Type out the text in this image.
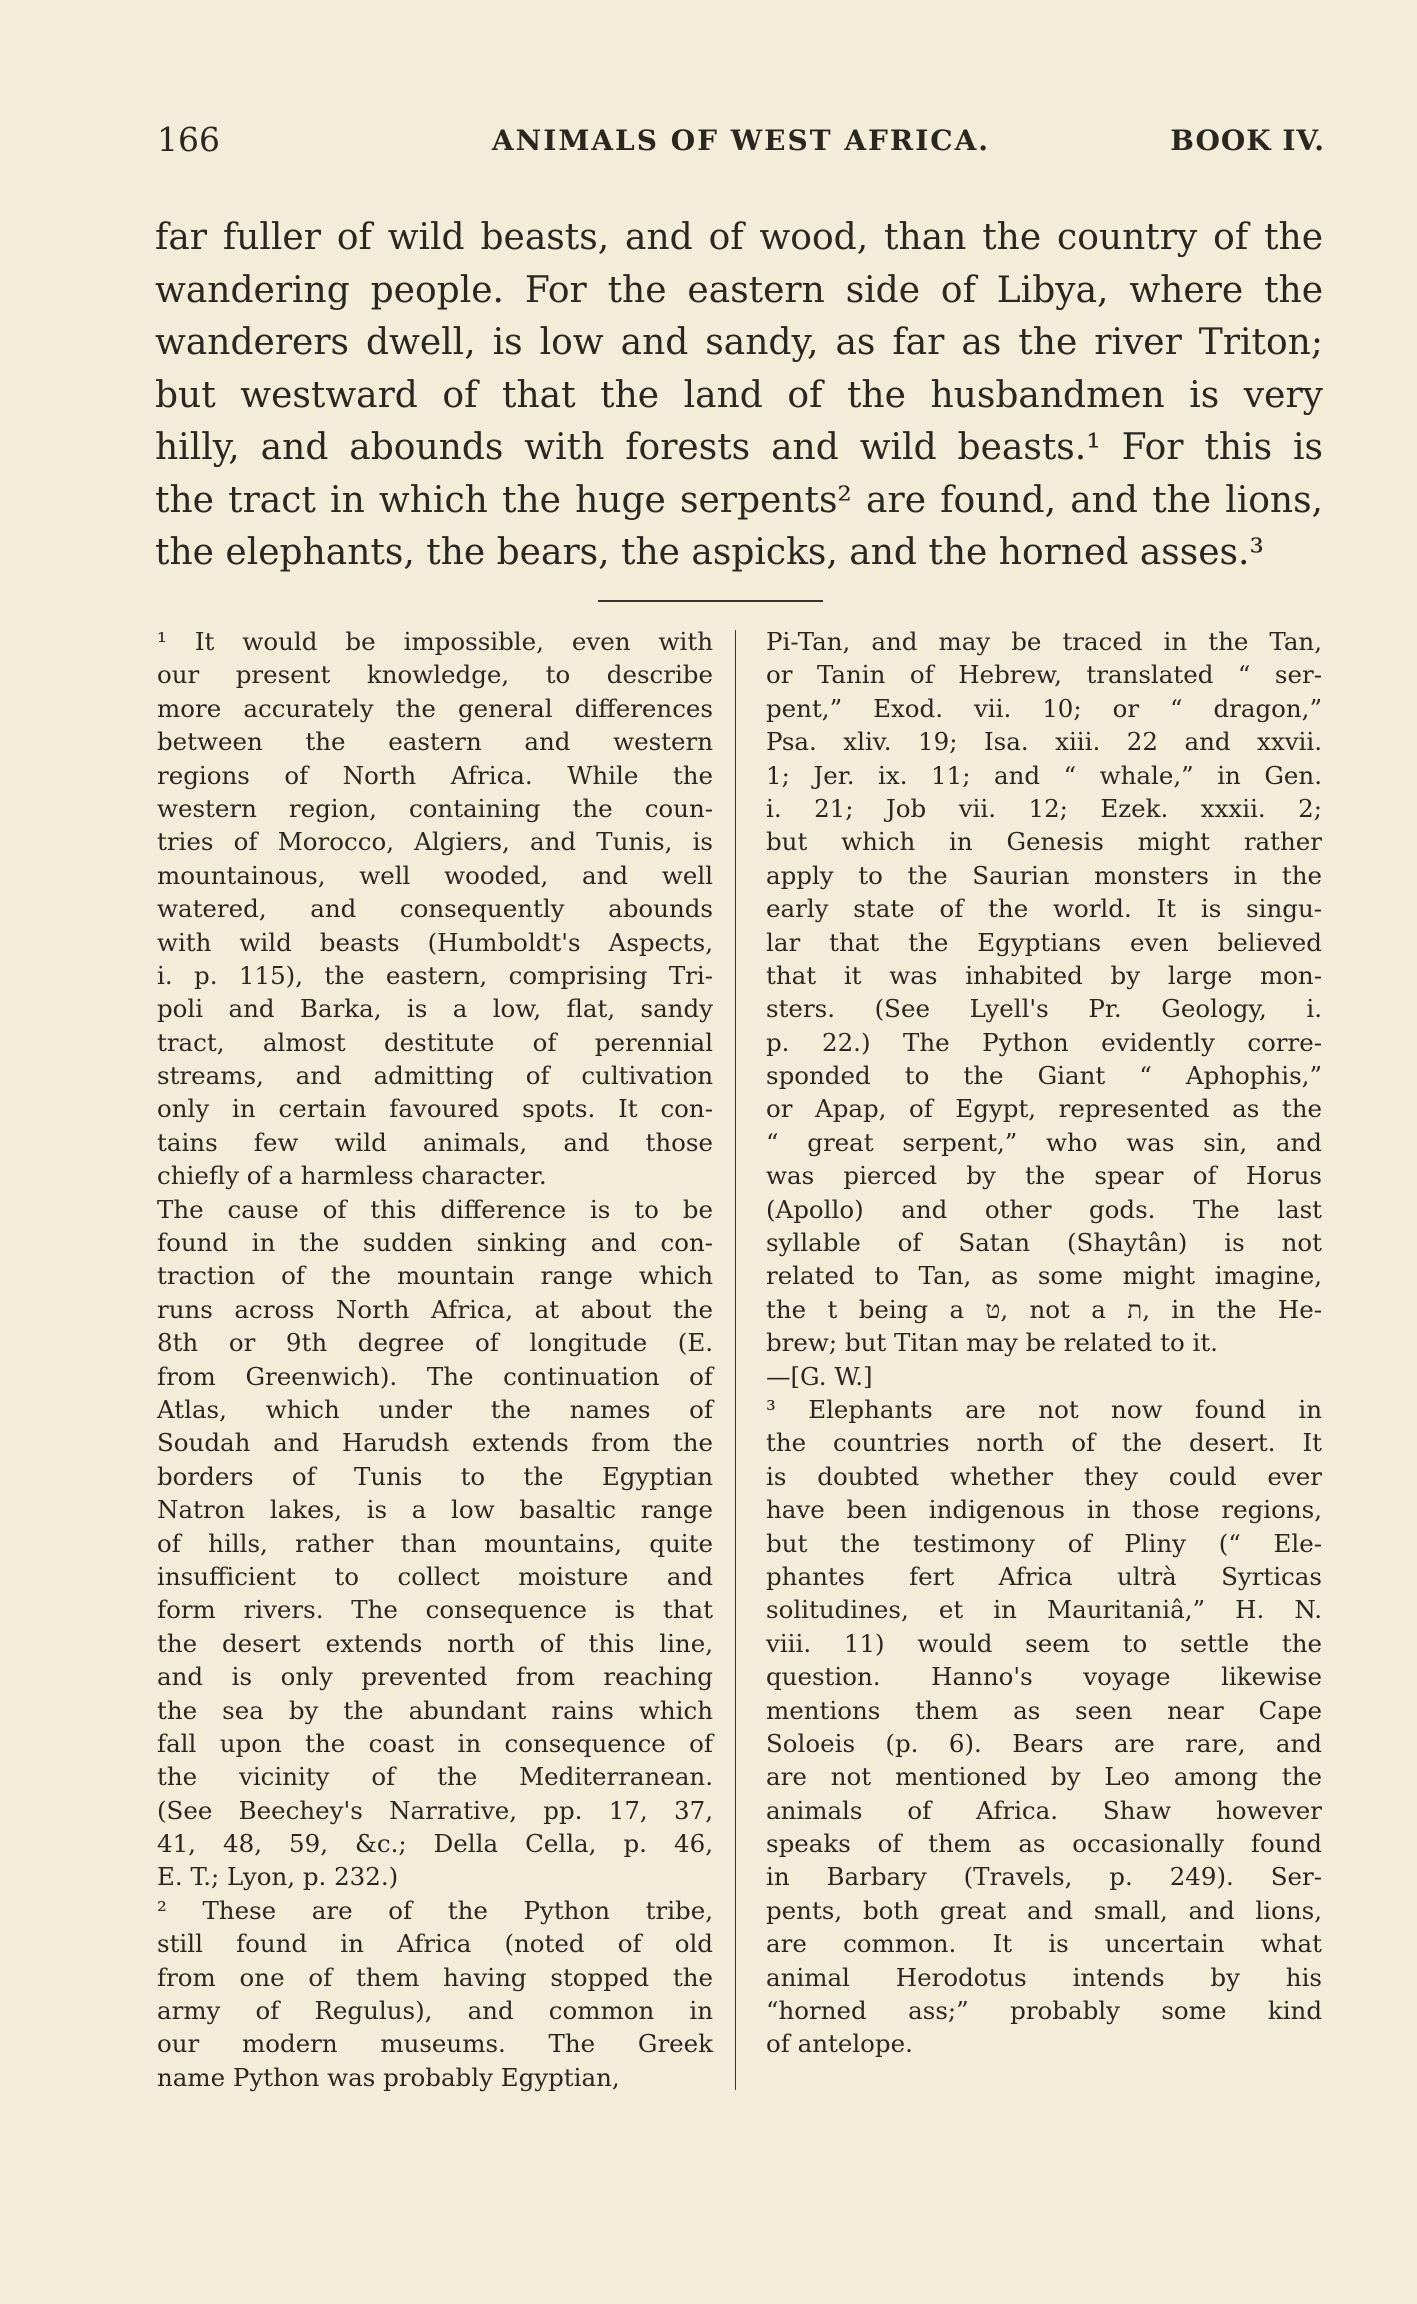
166	ANIMALS OF WEST AFRICA.	BOOK IV.
far fuller of wild beasts, and of wood, than the country of the
wandering people. For the eastern side of Libya, where the
wanderers dwell, is low and sandy, as far as the river Triton;
but westward of that the land of the husbandmen is very
hilly, and abounds with forests and wild beasts.¹ For this is
the tract in which the huge serpents² are found, and the lions,
the elephants, the bears, the aspicks, and the horned asses.³
¹ It would be impossible, even with
our present knowledge, to describe
more accurately the general differences
between the eastern and western
regions of North Africa. While the
western region, containing the coun-
tries of Morocco, Algiers, and Tunis, is
mountainous, well wooded, and well
watered, and consequently abounds
with wild beasts (Humboldt's Aspects,
i. p. 115), the eastern, comprising Tri-
poli and Barka, is a low, flat, sandy
tract, almost destitute of perennial
streams, and admitting of cultivation
only in certain favoured spots. It con-
tains few wild animals, and those
chiefly of a harmless character.
The cause of this difference is to be
found in the sudden sinking and con-
traction of the mountain range which
runs across North Africa, at about the
8th or 9th degree of longitude (E.
from Greenwich). The continuation of
Atlas, which under the names of
Soudah and Harudsh extends from the
borders of Tunis to the Egyptian
Natron lakes, is a low basaltic range
of hills, rather than mountains, quite
insufficient to collect moisture and
form rivers. The consequence is that
the desert extends north of this line,
and is only prevented from reaching
the sea by the abundant rains which
fall upon the coast in consequence of
the vicinity of the Mediterranean.
(See Beechey's Narrative, pp. 17, 37,
41, 48, 59, &c.; Della Cella, p. 46,
E. T.; Lyon, p. 232.)
² These are of the Python tribe,
still found in Africa (noted of old
from one of them having stopped the
army of Regulus), and common in
our modern museums. The Greek
name Python was probably Egyptian,
Pi-Tan, and may be traced in the Tan,
or Tanin of Hebrew, translated “ ser-
pent,” Exod. vii. 10; or “ dragon,”
Psa. xliv. 19; Isa. xiii. 22 and xxvii.
1; Jer. ix. 11; and “ whale,” in Gen.
i. 21; Job vii. 12; Ezek. xxxii. 2;
but which in Genesis might rather
apply to the Saurian monsters in the
early state of the world. It is singu-
lar that the Egyptians even believed
that it was inhabited by large mon-
sters. (See Lyell's Pr. Geology, i.
p. 22.) The Python evidently corre-
sponded to the Giant “ Aphophis,”
or Apap, of Egypt, represented as the
“ great serpent,” who was sin, and
was pierced by the spear of Horus
(Apollo) and other gods. The last
syllable of Satan (Shaytân) is not
related to Tan, as some might imagine,
the t being a ט, not a ת, in the He-
brew; but Titan may be related to it.
—[G. W.]
³ Elephants are not now found in
the countries north of the desert. It
is doubted whether they could ever
have been indigenous in those regions,
but the testimony of Pliny (“ Ele-
phantes fert Africa ultrà Syrticas
solitudines, et in Mauritaniâ,” H. N.
viii. 11) would seem to settle the
question. Hanno's voyage likewise
mentions them as seen near Cape
Soloeis (p. 6). Bears are rare, and
are not mentioned by Leo among the
animals of Africa. Shaw however
speaks of them as occasionally found
in Barbary (Travels, p. 249). Ser-
pents, both great and small, and lions,
are common. It is uncertain what
animal Herodotus intends by his
“horned ass;” probably some kind
of antelope.
